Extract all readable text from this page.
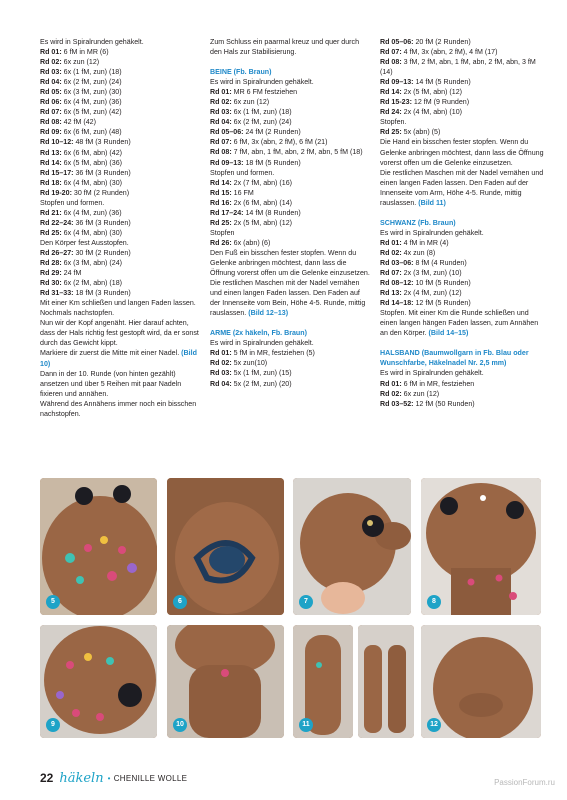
Es wird in Spiralrunden gehäkelt.

Rd 01: 6 fM in MR (6)

Rd 02: 6x zun (12)

Rd 03: 6x (1 fM, zun) (18)

Rd 04: 6x (2 fM, zun) (24)

Rd 05: 6x (3 fM, zun) (30)

Rd 06: 6x (4 fM, zun) (36)

Rd 07: 6x (5 fM, zun) (42)

Rd 08: 42 fM (42)

Rd 09: 6x (6 fM, zun) (48)

Rd 10–12: 48 fM (3 Runden)

Rd 13: 6x (6 fM, abn) (42)

Rd 14: 6x (5 fM, abn) (36)

Rd 15–17: 36 fM (3 Runden)

Rd 18: 6x (4 fM, abn) (30)

Rd 19-20: 30 fM (2 Runden)

Stopfen und formen.

Rd 21: 6x (4 fM, zun) (36)

Rd 22–24: 36 fM (3 Runden)

Rd 25: 6x (4 fM, abn) (30)

Den Körper fest Ausstopfen.

Rd 26–27: 30 fM (2 Runden)

Rd 28: 6x (3 fM, abn) (24)

Rd 29: 24 fM

Rd 30: 6x (2 fM, abn) (18)

Rd 31–33: 18 fM (3 Runden)

Mit einer Km schließen und langen Faden lassen. Nochmals nachstopfen.

Nun wir der Kopf angenäht. Hier darauf achten, dass der Hals richtig fest gestopft wird, da er sonst durch das Gewicht kippt.

Markiere dir zuerst die Mitte mit einer Nadel. (Bild 10)

Dann in der 10. Runde (von hinten gezählt) ansetzen und über 5 Reihen mit paar Nadeln fixieren und annähen.

Während des Annähens immer noch ein bisschen nachstopfen.

Zum Schluss ein paarmal kreuz und quer durch den Hals zur Stabilisierung.

BEINE (Fb. Braun)

Es wird in Spiralrunden gehäkelt.

Rd 01: MR 6 FM festziehen

Rd 02: 6x zun (12)

Rd 03: 6x (1 fM, zun) (18)

Rd 04: 6x (2 fM, zun) (24)

Rd 05–06: 24 fM (2 Runden)

Rd 07: 6 fM, 3x (abn, 2 fM), 6 fM (21)

Rd 08: 7 fM, abn, 1 fM, abn, 2 fM, abn, 5 fM (18)

Rd 09–13: 18 fM (5 Runden)

Stopfen und formen.

Rd 14: 2x (7 fM, abn) (16)

Rd 15: 16 FM

Rd 16: 2x (6 fM, abn) (14)

Rd 17–24: 14 fM (8 Runden)

Rd 25: 2x (5 fM, abn) (12)

Stopfen

Rd 26: 6x (abn) (6)

Den Fuß ein bisschen fester stopfen. Wenn du Gelenke anbringen möchtest, dann lass die Öffnung vorerst offen um die Gelenke einzusetzen.

Die restlichen Maschen mit der Nadel vernähen und einen langen Faden lassen. Den Faden auf der Innenseite vom Bein, Höhe 4-5. Runde, mittig rauslassen. (Bild 12–13)

ARME (2x häkeln, Fb. Braun)

Es wird in Spiralrunden gehäkelt.

Rd 01: 5 fM in MR, festziehen (5)

Rd 02: 5x zun(10)

Rd 03: 5x (1 fM, zun) (15)

Rd 04: 5x (2 fM, zun) (20)

Rd 05–06: 20 fM (2 Runden)

Rd 07: 4 fM, 3x (abn, 2 fM), 4 fM (17)

Rd 08: 3 fM, 2 fM, abn, 1 fM, abn, 2 fM, abn, 3 fM (14)

Rd 09–13: 14 fM (5 Runden)

Rd 14: 2x (5 fM, abn) (12)

Rd 15-23: 12 fM (9 Runden)

Rd 24: 2x (4 fM, abn) (10)

Stopfen.

Rd 25: 5x (abn) (5)

Die Hand ein bisschen fester stopfen. Wenn du Gelenke anbringen möchtest, dann lass die Öffnung vorerst offen um die Gelenke einzusetzen.

Die restlichen Maschen mit der Nadel vernähen und einen langen Faden lassen. Den Faden auf der Innenseite vom Arm, Höhe 4-5. Runde, mittig rauslassen. (Bild 11)

SCHWANZ (Fb. Braun)

Es wird in Spiralrunden gehäkelt.

Rd 01: 4 fM in MR (4)

Rd 02: 4x zun (8)

Rd 03–06: 8 fM (4 Runden)

Rd 07: 2x (3 fM, zun) (10)

Rd 08–12: 10 fM (5 Runden)

Rd 13: 2x (4 fM, zun) (12)

Rd 14–18: 12 fM (5 Runden)

Stopfen. Mit einer Km die Runde schließen und einen langen hängen Faden lassen, zum Annähen an den Körper. (Bild 14–15)

HALSBAND (Baumwollgarn in Fb. Blau oder Wunschfarbe, Häkelnadel Nr. 2,5 mm)

Es wird in Spiralrunden gehäkelt.

Rd 01: 6 fM in MR, festziehen

Rd 02: 6x zun (12)

Rd 03–52: 12 fM (50 Runden)

5	6	7	8
9	10	11	12
22 häkeln • CHENILLE WOLLE	PassionForum.ru
